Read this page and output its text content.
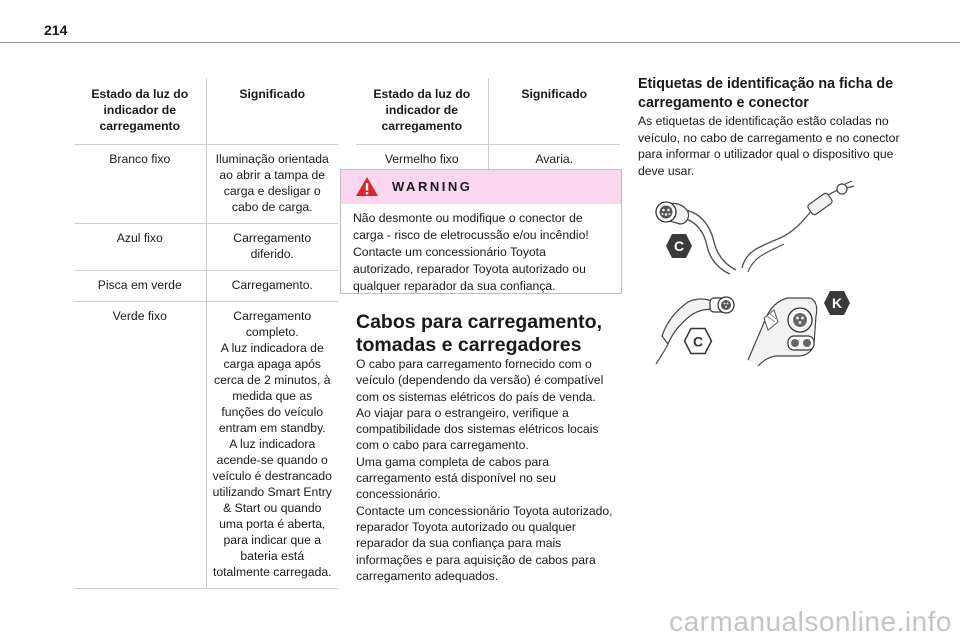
214
Estado da luz do indicador de carregamento	Significado
Branco fixo	Iluminação orientada ao abrir a tampa de carga e desligar o cabo de carga.
Azul fixo	Carregamento diferido.
Pisca em verde	Carregamento.
Verde fixo	Carregamento completo.
A luz indicadora de carga apaga após cerca de 2 minutos, à medida que as funções do veículo entram em standby.
A luz indicadora acende-se quando o veículo é destrancado utilizando Smart Entry & Start ou quando uma porta é aberta, para indicar que a bateria está totalmente carregada.
Estado da luz do indicador de carregamento	Significado
Vermelho fixo	Avaria.
WARNING
Não desmonte ou modifique o conector de carga - risco de eletrocussão e/ou incêndio! Contacte um concessionário Toyota autorizado, reparador Toyota autorizado ou qualquer reparador da sua confiança.
Cabos para carregamento, tomadas e carregadores
O cabo para carregamento fornecido com o veículo (dependendo da versão) é compatível com os sistemas elétricos do país de venda.
Ao viajar para o estrangeiro, verifique a compatibilidade dos sistemas elétricos locais com o cabo para carregamento.
Uma gama completa de cabos para carregamento está disponível no seu concessionário.
Contacte um concessionário Toyota autorizado, reparador Toyota autorizado ou qualquer reparador da sua confiança para mais informações e para aquisição de cabos para carregamento adequados.
Etiquetas de identificação na ficha de carregamento e conector
As etiquetas de identificação estão coladas no veículo, no cabo de carregamento e no conector para informar o utilizador qual o dispositivo que deve usar.
C
C
K
carmanualsonline.info
